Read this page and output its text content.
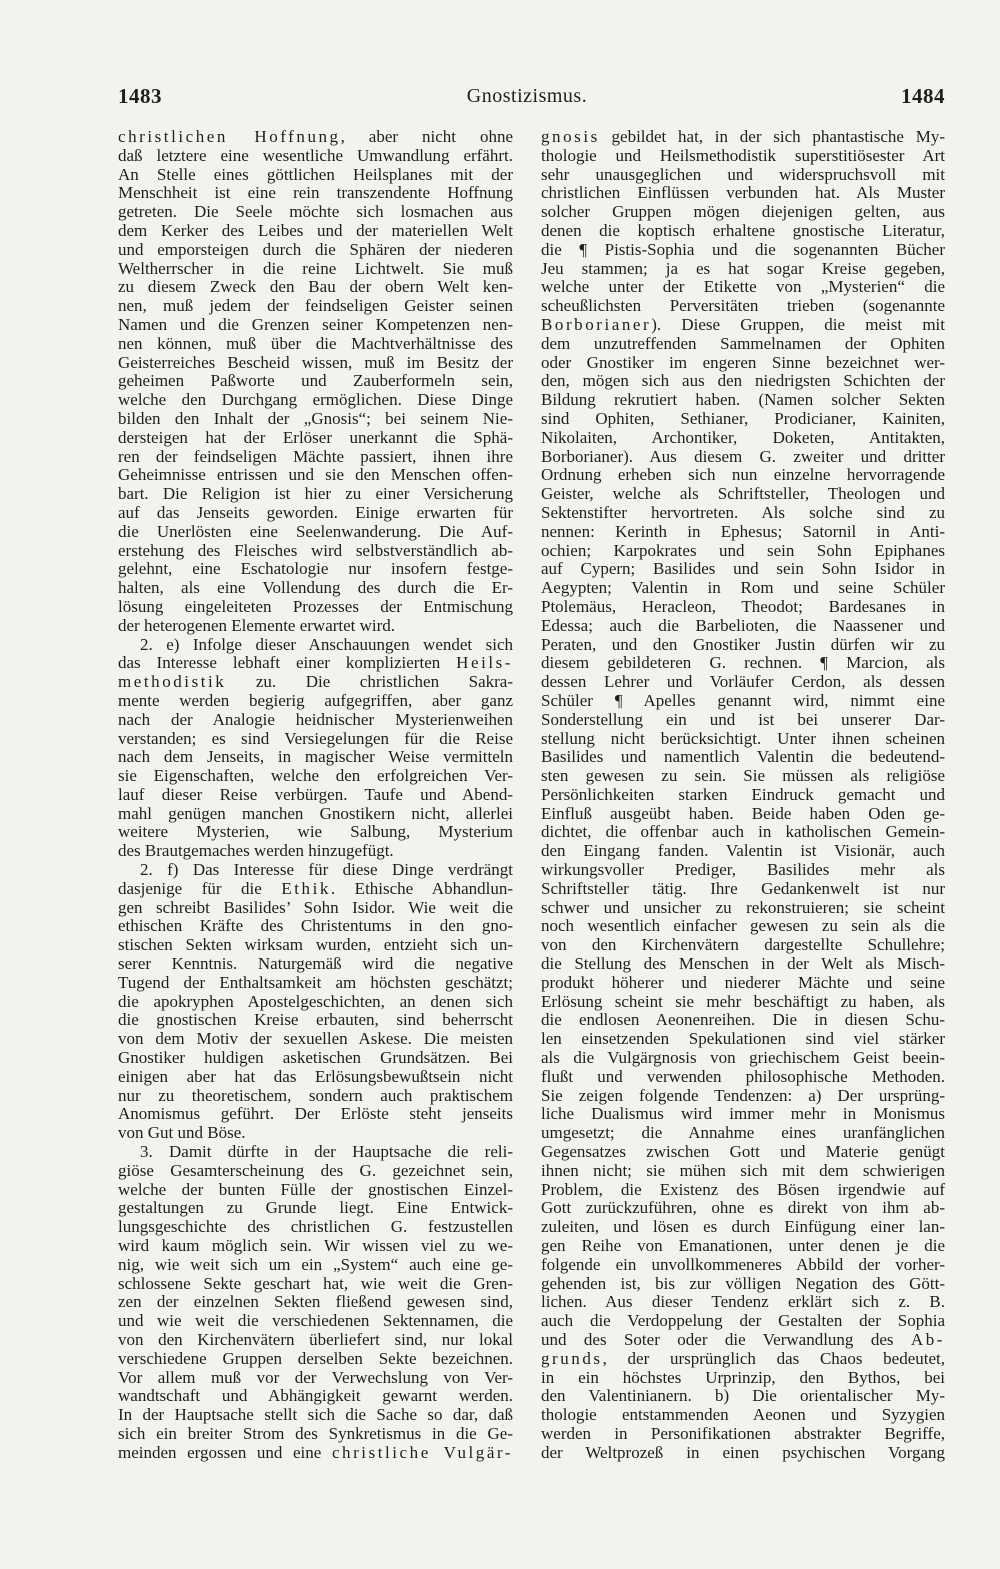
1483	Gnostizismus.	1484
christlichen Hoffnung, aber nicht ohne
daß letztere eine wesentliche Umwandlung erfährt.
An Stelle eines göttlichen Heilsplanes mit der
Menschheit ist eine rein transzendente Hoffnung
getreten. Die Seele möchte sich losmachen aus
dem Kerker des Leibes und der materiellen Welt
und emporsteigen durch die Sphären der niederen
Weltherrscher in die reine Lichtwelt. Sie muß
zu diesem Zweck den Bau der obern Welt ken-
nen, muß jedem der feindseligen Geister seinen
Namen und die Grenzen seiner Kompetenzen nen-
nen können, muß über die Machtverhältnisse des
Geisterreiches Bescheid wissen, muß im Besitz der
geheimen Paßworte und Zauberformeln sein,
welche den Durchgang ermöglichen. Diese Dinge
bilden den Inhalt der „Gnosis“; bei seinem Nie-
dersteigen hat der Erlöser unerkannt die Sphä-
ren der feindseligen Mächte passiert, ihnen ihre
Geheimnisse entrissen und sie den Menschen offen-
bart. Die Religion ist hier zu einer Versicherung
auf das Jenseits geworden. Einige erwarten für
die Unerlösten eine Seelenwanderung. Die Auf-
erstehung des Fleisches wird selbstverständlich ab-
gelehnt, eine Eschatologie nur insofern festge-
halten, als eine Vollendung des durch die Er-
lösung eingeleiteten Prozesses der Entmischung
der heterogenen Elemente erwartet wird.
2. e) Infolge dieser Anschauungen wendet sich
das Interesse lebhaft einer komplizierten Heils-
methodistik zu. Die christlichen Sakra-
mente werden begierig aufgegriffen, aber ganz
nach der Analogie heidnischer Mysterienweihen
verstanden; es sind Versiegelungen für die Reise
nach dem Jenseits, in magischer Weise vermitteln
sie Eigenschaften, welche den erfolgreichen Ver-
lauf dieser Reise verbürgen. Taufe und Abend-
mahl genügen manchen Gnostikern nicht, allerlei
weitere Mysterien, wie Salbung, Mysterium
des Brautgemaches werden hinzugefügt.
2. f) Das Interesse für diese Dinge verdrängt
dasjenige für die Ethik. Ethische Abhandlun-
gen schreibt Basilides’ Sohn Isidor. Wie weit die
ethischen Kräfte des Christentums in den gno-
stischen Sekten wirksam wurden, entzieht sich un-
serer Kenntnis. Naturgemäß wird die negative
Tugend der Enthaltsamkeit am höchsten geschätzt;
die apokryphen Apostelgeschichten, an denen sich
die gnostischen Kreise erbauten, sind beherrscht
von dem Motiv der sexuellen Askese. Die meisten
Gnostiker huldigen asketischen Grundsätzen. Bei
einigen aber hat das Erlösungsbewußtsein nicht
nur zu theoretischem, sondern auch praktischem
Anomismus geführt. Der Erlöste steht jenseits
von Gut und Böse.
3. Damit dürfte in der Hauptsache die reli-
giöse Gesamterscheinung des G. gezeichnet sein,
welche der bunten Fülle der gnostischen Einzel-
gestaltungen zu Grunde liegt. Eine Entwick-
lungsgeschichte des christlichen G. festzustellen
wird kaum möglich sein. Wir wissen viel zu we-
nig, wie weit sich um ein „System“ auch eine ge-
schlossene Sekte geschart hat, wie weit die Gren-
zen der einzelnen Sekten fließend gewesen sind,
und wie weit die verschiedenen Sektennamen, die
von den Kirchenvätern überliefert sind, nur lokal
verschiedene Gruppen derselben Sekte bezeichnen.
Vor allem muß vor der Verwechslung von Ver-
wandtschaft und Abhängigkeit gewarnt werden.
In der Hauptsache stellt sich die Sache so dar, daß
sich ein breiter Strom des Synkretismus in die Ge-
meinden ergossen und eine christliche Vulgär-
gnosis gebildet hat, in der sich phantastische My-
thologie und Heilsmethodistik superstitiösester Art
sehr unausgeglichen und widerspruchsvoll mit
christlichen Einflüssen verbunden hat. Als Muster
solcher Gruppen mögen diejenigen gelten, aus
denen die koptisch erhaltene gnostische Literatur,
die ¶ Pistis-Sophia und die sogenannten Bücher
Jeu stammen; ja es hat sogar Kreise gegeben,
welche unter der Etikette von „Mysterien“ die
scheußlichsten Perversitäten trieben (sogenannte
Borborianer). Diese Gruppen, die meist mit
dem unzutreffenden Sammelnamen der Ophiten
oder Gnostiker im engeren Sinne bezeichnet wer-
den, mögen sich aus den niedrigsten Schichten der
Bildung rekrutiert haben. (Namen solcher Sekten
sind Ophiten, Sethianer, Prodicianer, Kainiten,
Nikolaiten, Archontiker, Doketen, Antitakten,
Borborianer). Aus diesem G. zweiter und dritter
Ordnung erheben sich nun einzelne hervorragende
Geister, welche als Schriftsteller, Theologen und
Sektenstifter hervortreten. Als solche sind zu
nennen: Kerinth in Ephesus; Satornil in Anti-
ochien; Karpokrates und sein Sohn Epiphanes
auf Cypern; Basilides und sein Sohn Isidor in
Aegypten; Valentin in Rom und seine Schüler
Ptolemäus, Heracleon, Theodot; Bardesanes in
Edessa; auch die Barbelioten, die Naassener und
Peraten, und den Gnostiker Justin dürfen wir zu
diesem gebildeteren G. rechnen. ¶ Marcion, als
dessen Lehrer und Vorläufer Cerdon, als dessen
Schüler ¶ Apelles genannt wird, nimmt eine
Sonderstellung ein und ist bei unserer Dar-
stellung nicht berücksichtigt. Unter ihnen scheinen
Basilides und namentlich Valentin die bedeutend-
sten gewesen zu sein. Sie müssen als religiöse
Persönlichkeiten starken Eindruck gemacht und
Einfluß ausgeübt haben. Beide haben Oden ge-
dichtet, die offenbar auch in katholischen Gemein-
den Eingang fanden. Valentin ist Visionär, auch
wirkungsvoller Prediger, Basilides mehr als
Schriftsteller tätig. Ihre Gedankenwelt ist nur
schwer und unsicher zu rekonstruieren; sie scheint
noch wesentlich einfacher gewesen zu sein als die
von den Kirchenvätern dargestellte Schullehre;
die Stellung des Menschen in der Welt als Misch-
produkt höherer und niederer Mächte und seine
Erlösung scheint sie mehr beschäftigt zu haben, als
die endlosen Aeonenreihen. Die in diesen Schu-
len einsetzenden Spekulationen sind viel stärker
als die Vulgärgnosis von griechischem Geist beein-
flußt und verwenden philosophische Methoden.
Sie zeigen folgende Tendenzen: a) Der ursprüng-
liche Dualismus wird immer mehr in Monismus
umgesetzt; die Annahme eines uranfänglichen
Gegensatzes zwischen Gott und Materie genügt
ihnen nicht; sie mühen sich mit dem schwierigen
Problem, die Existenz des Bösen irgendwie auf
Gott zurückzuführen, ohne es direkt von ihm ab-
zuleiten, und lösen es durch Einfügung einer lan-
gen Reihe von Emanationen, unter denen je die
folgende ein unvollkommeneres Abbild der vorher-
gehenden ist, bis zur völligen Negation des Gött-
lichen. Aus dieser Tendenz erklärt sich z. B.
auch die Verdoppelung der Gestalten der Sophia
und des Soter oder die Verwandlung des Ab-
grunds, der ursprünglich das Chaos bedeutet,
in ein höchstes Urprinzip, den Bythos, bei
den Valentinianern. b) Die orientalischer My-
thologie entstammenden Aeonen und Syzygien
werden in Personifikationen abstrakter Begriffe,
der Weltprozeß in einen psychischen Vorgang
